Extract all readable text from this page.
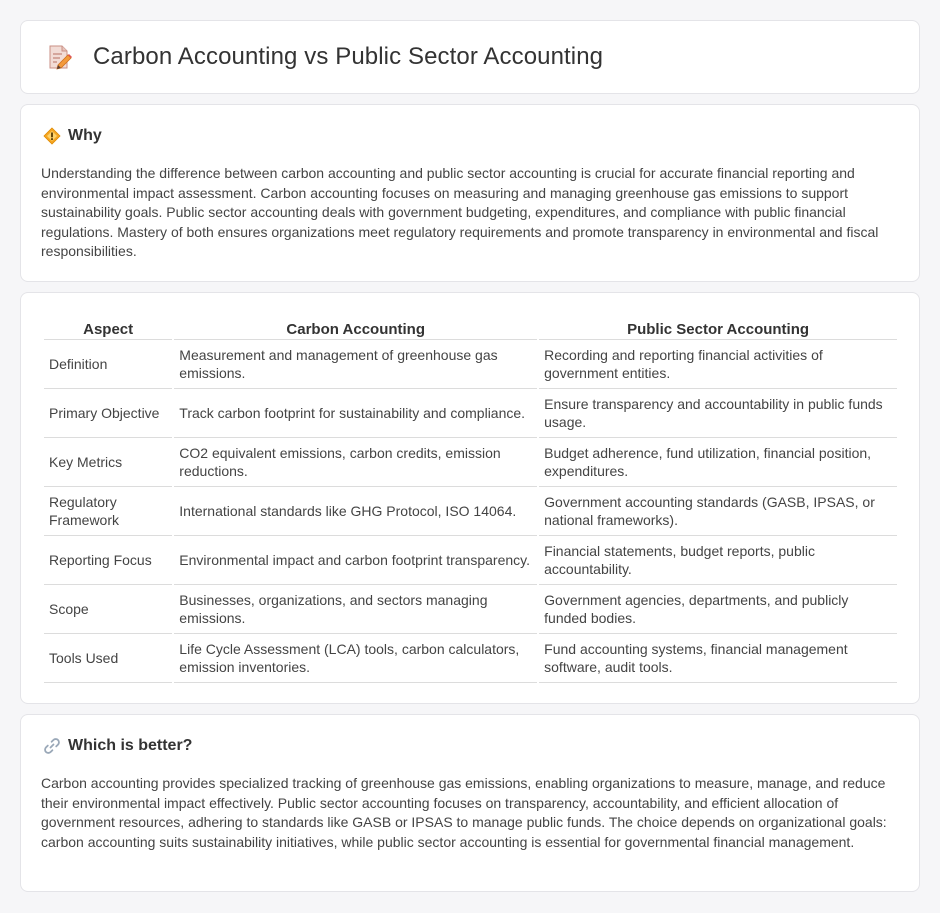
Carbon Accounting vs Public Sector Accounting
Why

Understanding the difference between carbon accounting and public sector accounting is crucial for accurate financial reporting and environmental impact assessment. Carbon accounting focuses on measuring and managing greenhouse gas emissions to support sustainability goals. Public sector accounting deals with government budgeting, expenditures, and compliance with public financial regulations. Mastery of both ensures organizations meet regulatory requirements and promote transparency in environmental and fiscal responsibilities.

Aspect	Carbon Accounting	Public Sector Accounting
Definition	Measurement and management of greenhouse gas emissions.	Recording and reporting financial activities of government entities.
Primary Objective	Track carbon footprint for sustainability and compliance.	Ensure transparency and accountability in public funds usage.
Key Metrics	CO2 equivalent emissions, carbon credits, emission reductions.	Budget adherence, fund utilization, financial position, expenditures.
Regulatory Framework	International standards like GHG Protocol, ISO 14064.	Government accounting standards (GASB, IPSAS, or national frameworks).
Reporting Focus	Environmental impact and carbon footprint transparency.	Financial statements, budget reports, public accountability.
Scope	Businesses, organizations, and sectors managing emissions.	Government agencies, departments, and publicly funded bodies.
Tools Used	Life Cycle Assessment (LCA) tools, carbon calculators, emission inventories.	Fund accounting systems, financial management software, audit tools.
Which is better?

Carbon accounting provides specialized tracking of greenhouse gas emissions, enabling organizations to measure, manage, and reduce their environmental impact effectively. Public sector accounting focuses on transparency, accountability, and efficient allocation of government resources, adhering to standards like GASB or IPSAS to manage public funds. The choice depends on organizational goals: carbon accounting suits sustainability initiatives, while public sector accounting is essential for governmental financial management.
